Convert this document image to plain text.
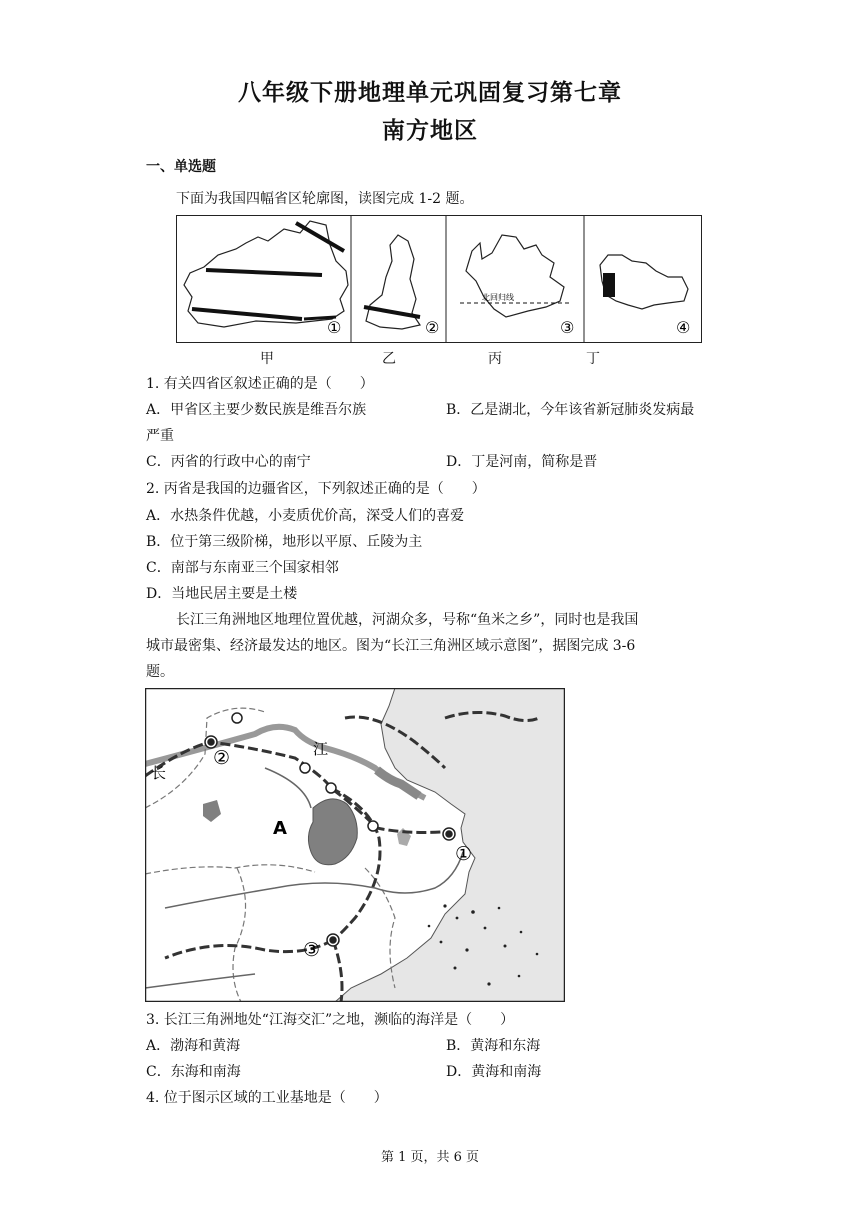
八年级下册地理单元巩固复习第七章
南方地区
一、单选题
下面为我国四幅省区轮廓图，读图完成 1-2 题。
北回归线
①	②	③	④
甲	乙	丙	丁
1. 有关四省区叙述正确的是（　　）
A．甲省区主要少数民族是维吾尔族	B．乙是湖北，今年该省新冠肺炎发病最
严重
C．丙省的行政中心的南宁	D．丁是河南，简称是晋
2. 丙省是我国的边疆省区，下列叙述正确的是（　　）
A．水热条件优越，小麦质优价高，深受人们的喜爱
B．位于第三级阶梯，地形以平原、丘陵为主
C．南部与东南亚三个国家相邻
D．当地民居主要是土楼
长江三角洲地区地理位置优越，河湖众多，号称“鱼米之乡”，同时也是我国
城市最密集、经济最发达的地区。图为“长江三角洲区域示意图”，据图完成 3-6
题。
长
江
A
①
②
③
3. 长江三角洲地处“江海交汇”之地，濒临的海洋是（　　）
A．渤海和黄海	B．黄海和东海
C．东海和南海	D．黄海和南海
4. 位于图示区域的工业基地是（　　）
第 1 页，共 6 页
